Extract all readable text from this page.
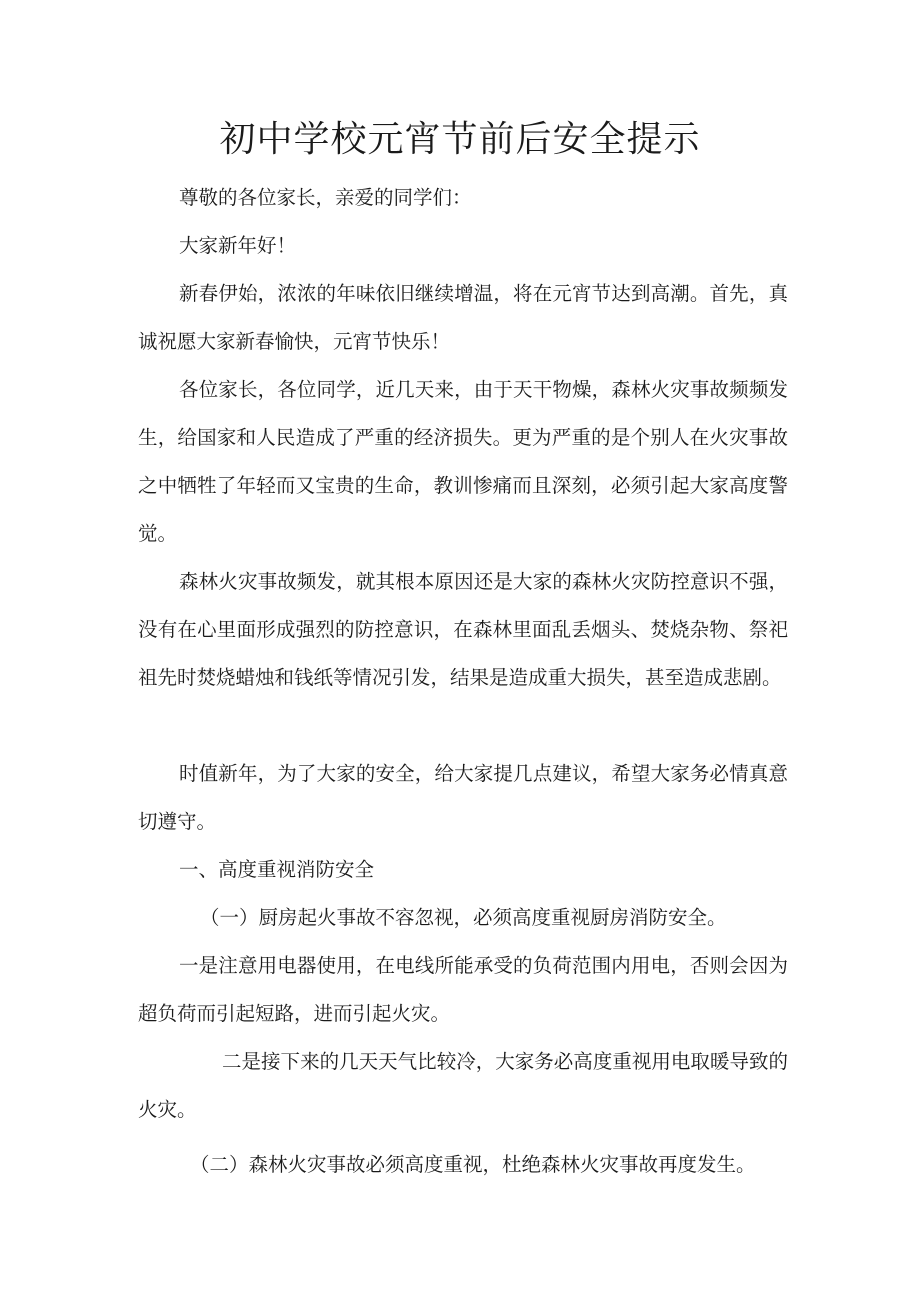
初中学校元宵节前后安全提示

尊敬的各位家长，亲爱的同学们：

大家新年好！

新春伊始，浓浓的年味依旧继续增温，将在元宵节达到高潮。首先，真诚祝愿大家新春愉快，元宵节快乐！

各位家长，各位同学，近几天来，由于天干物燥，森林火灾事故频频发生，给国家和人民造成了严重的经济损失。更为严重的是个别人在火灾事故之中牺牲了年轻而又宝贵的生命，教训惨痛而且深刻，必须引起大家高度警觉。

森林火灾事故频发，就其根本原因还是大家的森林火灾防控意识不强，没有在心里面形成强烈的防控意识，在森林里面乱丢烟头、焚烧杂物、祭祀祖先时焚烧蜡烛和钱纸等情况引发，结果是造成重大损失，甚至造成悲剧。

时值新年，为了大家的安全，给大家提几点建议，希望大家务必情真意切遵守。

一、高度重视消防安全

（一）厨房起火事故不容忽视，必须高度重视厨房消防安全。

一是注意用电器使用，在电线所能承受的负荷范围内用电，否则会因为超负荷而引起短路，进而引起火灾。

二是接下来的几天天气比较冷，大家务必高度重视用电取暖导致的火灾。

（二）森林火灾事故必须高度重视，杜绝森林火灾事故再度发生。
